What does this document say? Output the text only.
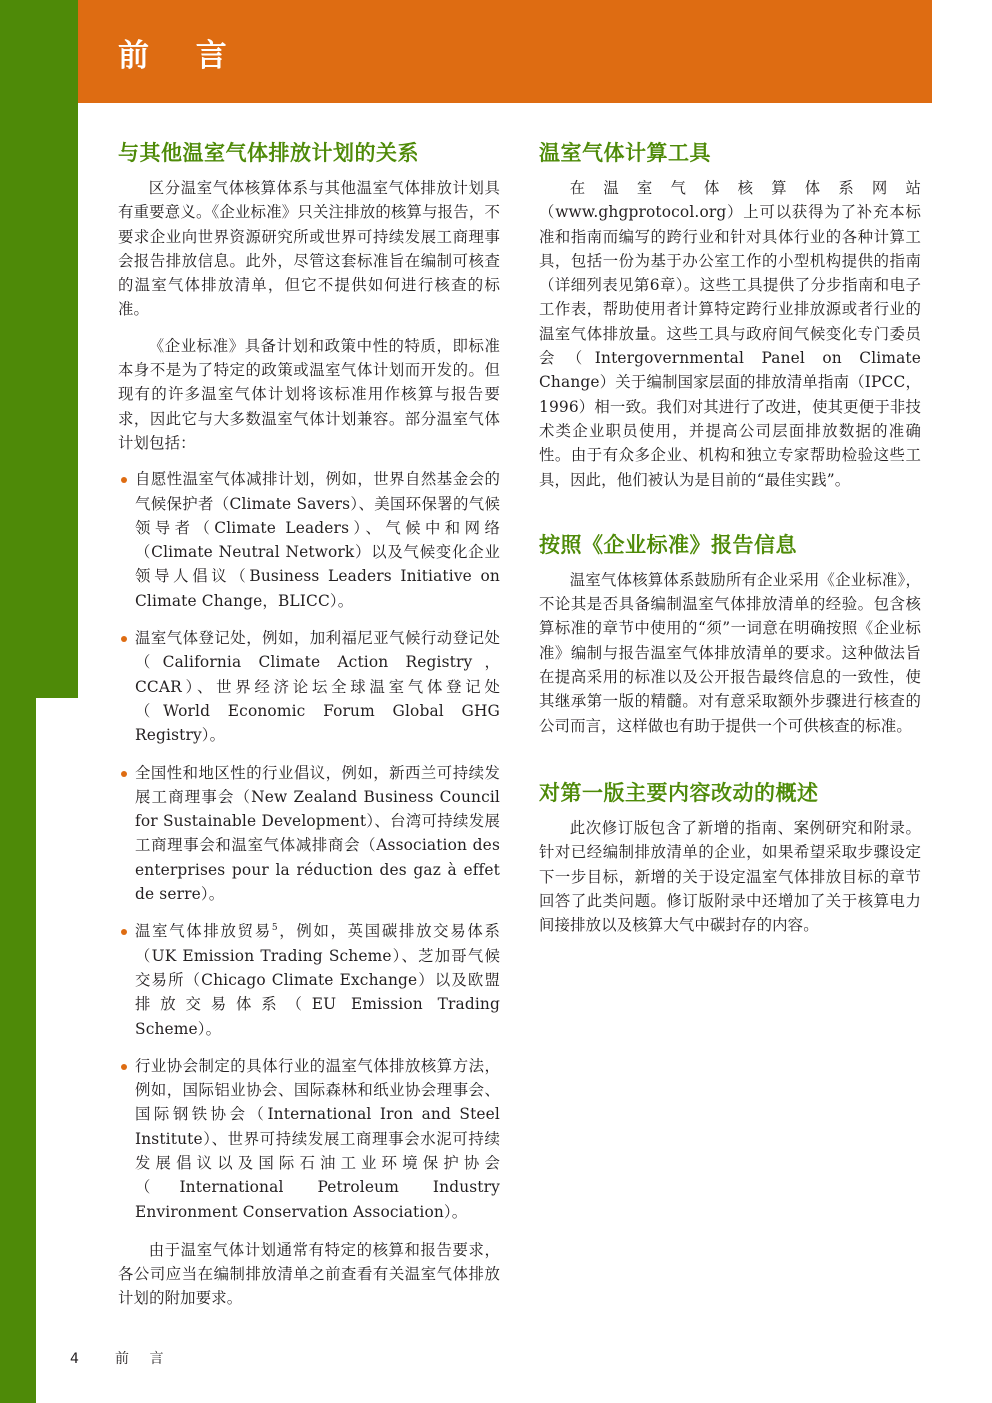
前 言
与其他温室气体排放计划的关系

区分温室气体核算体系与其他温室气体排放计划具有重要意义。《企业标准》只关注排放的核算与报告，不要求企业向世界资源研究所或世界可持续发展工商理事会报告排放信息。此外，尽管这套标准旨在编制可核查的温室气体排放清单，但它不提供如何进行核查的标准。

《企业标准》具备计划和政策中性的特质，即标准本身不是为了特定的政策或温室气体计划而开发的。但现有的许多温室气体计划将该标准用作核算与报告要求，因此它与大多数温室气体计划兼容。部分温室气体计划包括：

自愿性温室气体减排计划，例如，世界自然基金会的气候保护者（Climate Savers）、美国环保署的气候领导者（Climate Leaders）、气候中和网络（Climate Neutral Network）以及气候变化企业领导人倡议（Business Leaders Initiative on Climate Change，BLICC）。
温室气体登记处，例如，加利福尼亚气候行动登记处（California Climate Action Registry，CCAR）、世界经济论坛全球温室气体登记处（World Economic Forum Global GHG Registry）。
全国性和地区性的行业倡议，例如，新西兰可持续发展工商理事会（New Zealand Business Council for Sustainable Development）、台湾可持续发展工商理事会和温室气体减排商会（Association des enterprises pour la réduction des gaz à effet de serre）。
温室气体排放贸易$^5$，例如，英国碳排放交易体系（UK Emission Trading Scheme）、芝加哥气候交易所（Chicago Climate Exchange）以及欧盟排放交易体系（EU Emission Trading Scheme）。
行业协会制定的具体行业的温室气体排放核算方法，例如，国际铝业协会、国际森林和纸业协会理事会、国际钢铁协会（International Iron and Steel Institute）、世界可持续发展工商理事会水泥可持续发展倡议以及国际石油工业环境保护协会（International Petroleum Industry Environment Conservation Association）。

由于温室气体计划通常有特定的核算和报告要求，各公司应当在编制排放清单之前查看有关温室气体排放计划的附加要求。

温室气体计算工具

在温室气体核算体系网站（www.ghgprotocol.org）上可以获得为了补充本标准和指南而编写的跨行业和针对具体行业的各种计算工具，包括一份为基于办公室工作的小型机构提供的指南（详细列表见第6章）。这些工具提供了分步指南和电子工作表，帮助使用者计算特定跨行业排放源或者行业的温室气体排放量。这些工具与政府间气候变化专门委员会（Intergovernmental Panel on Climate Change）关于编制国家层面的排放清单指南（IPCC，1996）相一致。我们对其进行了改进，使其更便于非技术类企业职员使用，并提高公司层面排放数据的准确性。由于有众多企业、机构和独立专家帮助检验这些工具，因此，他们被认为是目前的“最佳实践”。

按照《企业标准》报告信息

温室气体核算体系鼓励所有企业采用《企业标准》，不论其是否具备编制温室气体排放清单的经验。包含核算标准的章节中使用的“须”一词意在明确按照《企业标准》编制与报告温室气体排放清单的要求。这种做法旨在提高采用的标准以及公开报告最终信息的一致性，使其继承第一版的精髓。对有意采取额外步骤进行核查的公司而言，这样做也有助于提供一个可供核查的标准。

对第一版主要内容改动的概述

此次修订版包含了新增的指南、案例研究和附录。针对已经编制排放清单的企业，如果希望采取步骤设定下一步目标，新增的关于设定温室气体排放目标的章节回答了此类问题。修订版附录中还增加了关于核算电力间接排放以及核算大气中碳封存的内容。

4	前 言
